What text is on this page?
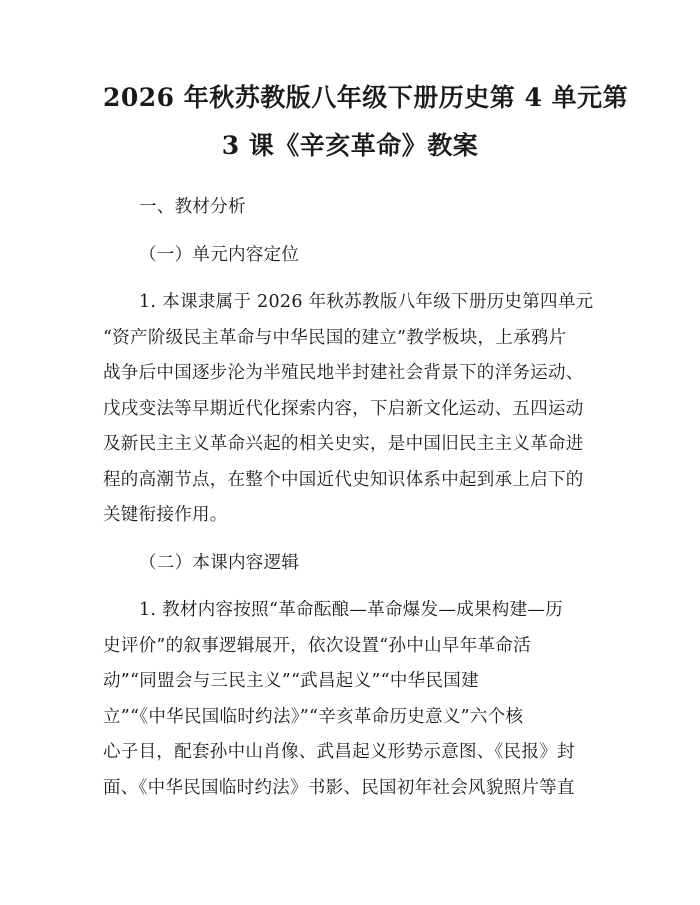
2026 年秋苏教版八年级下册历史第 4 单元第
3 课《辛亥革命》教案

一、教材分析

（一）单元内容定位

1. 本课隶属于 2026 年秋苏教版八年级下册历史第四单元
“资产阶级民主革命与中华民国的建立”教学板块，上承鸦片
战争后中国逐步沦为半殖民地半封建社会背景下的洋务运动、
戊戌变法等早期近代化探索内容，下启新文化运动、五四运动
及新民主主义革命兴起的相关史实，是中国旧民主主义革命进
程的高潮节点，在整个中国近代史知识体系中起到承上启下的
关键衔接作用。

（二）本课内容逻辑

1. 教材内容按照“革命酝酿—革命爆发—成果构建—历
史评价”的叙事逻辑展开，依次设置“孙中山早年革命活
动”“同盟会与三民主义”“武昌起义”“中华民国建
立”“《中华民国临时约法》”“辛亥革命历史意义”六个核
心子目，配套孙中山肖像、武昌起义形势示意图、《民报》封
面、《中华民国临时约法》书影、民国初年社会风貌照片等直
